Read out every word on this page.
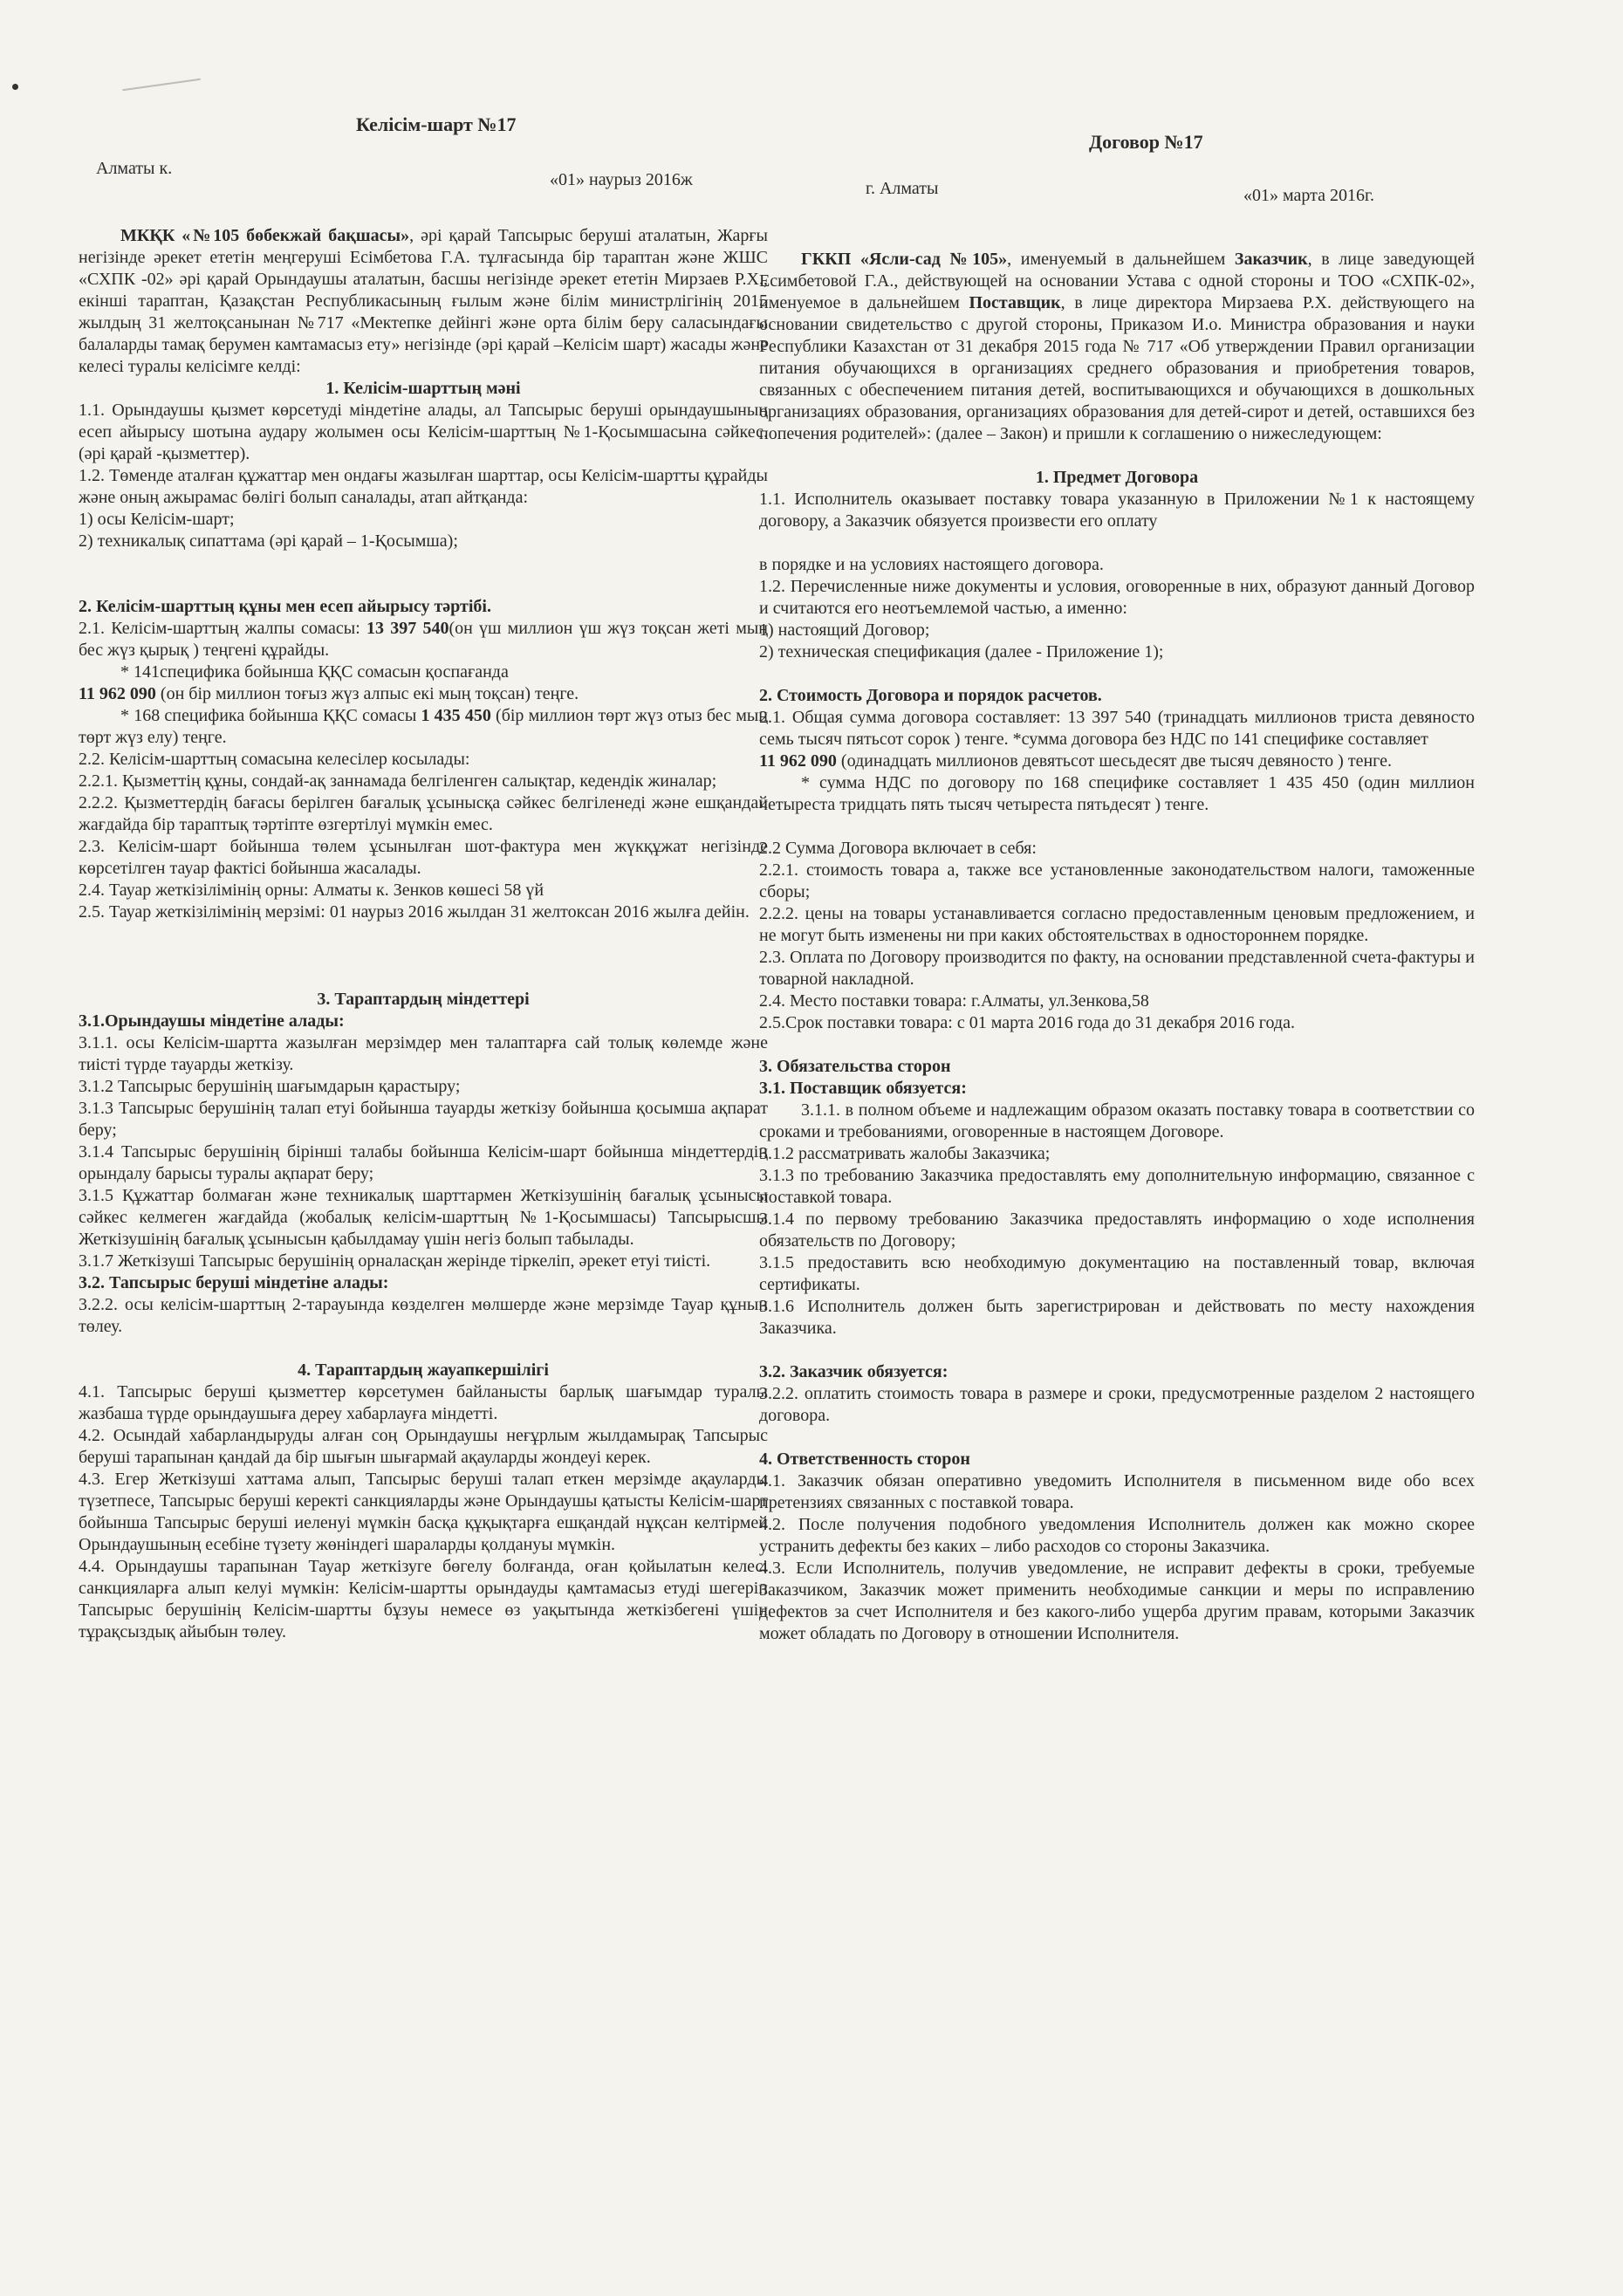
Келісім-шарт №17
Алматы к.
«01» наурыз 2016ж
Договор №17
г. Алматы	«01» марта 2016г.

МКҚК «№105 бөбекжай бақшасы», әрі қарай Тапсырыс беруші аталатын, Жарғы негізінде әрекет ететін меңгеруші Есімбетова Г.А. тұлғасында бір тараптан және ЖШС «СХПК -02» әрі қарай Орындаушы аталатын, басшы негізінде әрекет ететін Мирзаев Р.Х., екінші тараптан, Қазақстан Республикасының ғылым және білім министрлігінің 2015 жылдың 31 желтоқсанынан №717 «Мектепке дейінгі және орта білім беру саласындағы балаларды тамақ берумен камтамасыз ету» негізінде (әрі қарай –Келісім шарт) жасады және келесі туралы келісімге келді:

1. Келісім-шарттың мәні

1.1. Орындаушы қызмет көрсетуді міндетіне алады, ал Тапсырыс беруші орындаушының есеп айырысу шотына аудару жолымен осы Келісім-шарттың №1-Қосымшасына сәйкес. (әрі қарай -қызметтер).

1.2. Төменде аталған құжаттар мен ондағы жазылған шарттар, осы Келісім-шартты құрайды және оның ажырамас бөлігі болып саналады, атап айтқанда:

1) осы Келісім-шарт;

2) техникалық сипаттама (әрі қарай – 1-Қосымша);

2. Келісім-шарттың құны мен есеп айырысу тәртібі.

2.1. Келісім-шарттың жалпы сомасы: 13 397 540(он үш миллион үш жүз тоқсан жеті мың бес жүз қырық ) теңгені құрайды.

* 141спецификa бойынша ҚҚС сомасын қоспағанда
11 962 090 (он бір миллион тоғыз жүз алпыс екі мың тоқсан) теңге.

* 168 специфика бойынша ҚҚС сомасы 1 435 450 (бір миллион төрт жүз отыз бес мың төрт жүз елу) теңге.

2.2. Келісім-шарттың сомасына келесілер косылады:

2.2.1. Қызметтің құны, сондай-ақ заннамада белгіленген салықтар, кедендік жиналар;

2.2.2. Қызметтердің бағасы берілген бағалық ұсынысқа сәйкес белгіленеді және ешқандай жағдайда бір тараптық тәртіпте өзгертілуі мүмкін емес.

2.3. Келісім-шарт бойынша төлем ұсынылған шот-фактура мен жүкқұжат негізінде көрсетілген тауар фактісі бойынша жасалады.

2.4. Тауар жеткізілімінің орны: Алматы к. Зенков көшесі 58 үй

2.5. Тауар жеткізілімінің мерзімі: 01 наурыз 2016 жылдан 31 желтоксан 2016 жылға дейін.

3. Тараптардың міндеттері

3.1.Орындаушы міндетіне алады:

3.1.1. осы Келісім-шартта жазылған мерзімдер мен талаптарға сай толық көлемде және тиісті түрде тауарды жеткізу.

3.1.2 Тапсырыс берушінің шағымдарын қарастыру;

3.1.3 Тапсырыс берушінің талап етуі бойынша тауарды жеткізу бойынша қосымша ақпарат беру;

3.1.4 Тапсырыс берушінің бірінші талабы бойынша Келісім-шарт бойынша міндеттердің орындалу барысы туралы ақпарат беру;

3.1.5 Құжаттар болмаған және техникалық шарттармен Жеткізушінің бағалық ұсынысы сәйкес келмеген жағдайда (жобалық келісім-шарттың №1-Қосымшасы) Тапсырысшы Жеткізушінің бағалық ұсынысын қабылдамау үшін негіз болып табылады.

3.1.7 Жеткізуші Тапсырыс берушінің орналасқан жерінде тіркеліп, әрекет етуі тиісті.

3.2. Тапсырыс беруші міндетіне алады:

3.2.2. осы келісім-шарттың 2-тарауында көзделген мөлшерде және мерзімде Тауар құнын төлеу.

4. Тараптардың жауапкершілігі

4.1. Тапсырыс беруші қызметтер көрсетумен байланысты барлық шағымдар туралы жазбаша түрде орындаушыға дереу хабарлауға міндетті.

4.2. Осындай хабарландыруды алған соң Орындаушы неғұрлым жылдамырақ Тапсырыс беруші тарапынан қандай да бір шығын шығармай ақауларды жондеуі керек.

4.3. Егер Жеткізуші хаттама алып, Тапсырыс беруші талап еткен мерзімде ақауларды түзетпесе, Тапсырыс беруші керекті санкцияларды және Орындаушы қатысты Келісім-шарт бойынша Тапсырыс беруші иеленуі мүмкін басқа құқықтарға ешқандай нұқсан келтірмей Орындаушының есебіне түзету жөніндегі шараларды қолдануы мүмкін.

4.4. Орындаушы тарапынан Тауар жеткізуге бөгелу болғанда, оған қойылатын келесі санкцияларға алып келуі мүмкін: Келісім-шартты орындауды қамтамасыз етуді шегеріп Тапсырыс берушінің Келісім-шартты бұзуы немесе өз уақытында жеткізбегені үшін тұрақсыздық айыбын төлеу.

ГККП «Ясли-сад №105», именуемый в дальнейшем Заказчик, в лице заведующей Есимбетовой Г.А., действующей на основании Устава с одной стороны и ТОО «СХПК-02», именуемое в дальнейшем Поставщик, в лице директора Мирзаева Р.Х. действующего на основании свидетельство с другой стороны, Приказом И.о. Министра образования и науки Республики Казахстан от 31 декабря 2015 года № 717 «Об утверждении Правил организации питания обучающихся в организациях среднего образования и приобретения товаров, связанных с обеспечением питания детей, воспитывающихся и обучающихся в дошкольных организациях образования, организациях образования для детей-сирот и детей, оставшихся без попечения родителей»: (далее – Закон) и пришли к соглашению о нижеследующем:

1. Предмет Договора

1.1. Исполнитель оказывает поставку товара указанную в Приложении №1 к настоящему договору, а Заказчик обязуется произвести его оплату

в порядке и на условиях настоящего договора.

1.2. Перечисленные ниже документы и условия, оговоренные в них, образуют данный Договор и считаются его неотъемлемой частью, а именно:

1) настоящий Договор;

2) техническая спецификация (далее - Приложение 1);

2. Стоимость Договора и порядок расчетов.

2.1. Общая сумма договора составляет: 13 397 540 (тринадцать миллионов триста девяносто семь тысяч пятьсот сорок ) тенге. *сумма договора без НДС по 141 специфике составляет

11 962 090 (одинадцать миллионов девятьсот шесьдесят две тысяч девяносто ) тенге.

* сумма НДС по договору по 168 специфике составляет 1 435 450 (один миллион четыреста тридцать пять тысяч четыреста пятьдесят ) тенге.

2.2 Сумма Договора включает в себя:

2.2.1. стоимость товара а, также все установленные законодательством налоги, таможенные сборы;

2.2.2. цены на товары устанавливается согласно предоставленным ценовым предложением, и не могут быть изменены ни при каких обстоятельствах в одностороннем порядке.

2.3. Оплата по Договору производится по факту, на основании представленной счета-фактуры и товарной накладной.

2.4. Место поставки товара: г.Алматы, ул.Зенкова,58

2.5.Срок поставки товара: с 01 марта 2016 года до 31 декабря 2016 года.

3. Обязательства сторон

3.1. Поставщик обязуется:

3.1.1. в полном объеме и надлежащим образом оказать поставку товара в соответствии со сроками и требованиями, оговоренные в настоящем Договоре.

3.1.2 рассматривать жалобы Заказчика;

3.1.3 по требованию Заказчика предоставлять ему дополнительную информацию, связанное с поставкой товара.

3.1.4 по первому требованию Заказчика предоставлять информацию о ходе исполнения обязательств по Договору;

3.1.5 предоставить всю необходимую документацию на поставленный товар, включая сертификаты.

3.1.6 Исполнитель должен быть зарегистрирован и действовать по месту нахождения Заказчика.

3.2. Заказчик обязуется:

3.2.2. оплатить стоимость товара в размере и сроки, предусмотренные разделом 2 настоящего договора.

4. Ответственность сторон

4.1. Заказчик обязан оперативно уведомить Исполнителя в письменном виде обо всех претензиях связанных с поставкой товара.

4.2. После получения подобного уведомления Исполнитель должен как можно скорее устранить дефекты без каких – либо расходов со стороны Заказчика.

4.3. Если Исполнитель, получив уведомление, не исправит дефекты в сроки, требуемые Заказчиком, Заказчик может применить необходимые санкции и меры по исправлению дефектов за счет Исполнителя и без какого-либо ущерба другим правам, которыми Заказчик может обладать по Договору в отношении Исполнителя.
